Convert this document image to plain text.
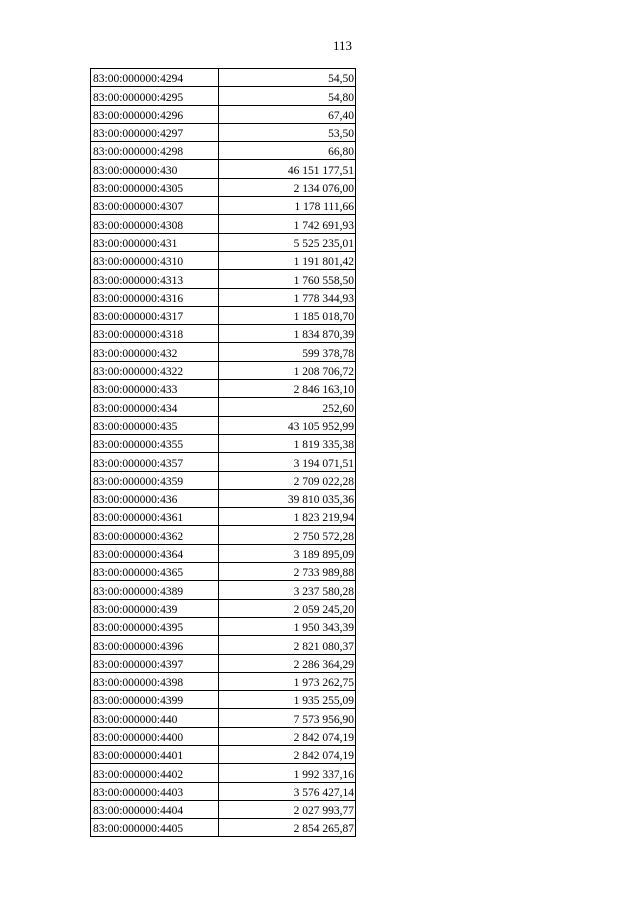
113
83:00:000000:4294	54,50
83:00:000000:4295	54,80
83:00:000000:4296	67,40
83:00:000000:4297	53,50
83:00:000000:4298	66,80
83:00:000000:430	46 151 177,51
83:00:000000:4305	2 134 076,00
83:00:000000:4307	1 178 111,66
83:00:000000:4308	1 742 691,93
83:00:000000:431	5 525 235,01
83:00:000000:4310	1 191 801,42
83:00:000000:4313	1 760 558,50
83:00:000000:4316	1 778 344,93
83:00:000000:4317	1 185 018,70
83:00:000000:4318	1 834 870,39
83:00:000000:432	599 378,78
83:00:000000:4322	1 208 706,72
83:00:000000:433	2 846 163,10
83:00:000000:434	252,60
83:00:000000:435	43 105 952,99
83:00:000000:4355	1 819 335,38
83:00:000000:4357	3 194 071,51
83:00:000000:4359	2 709 022,28
83:00:000000:436	39 810 035,36
83:00:000000:4361	1 823 219,94
83:00:000000:4362	2 750 572,28
83:00:000000:4364	3 189 895,09
83:00:000000:4365	2 733 989,88
83:00:000000:4389	3 237 580,28
83:00:000000:439	2 059 245,20
83:00:000000:4395	1 950 343,39
83:00:000000:4396	2 821 080,37
83:00:000000:4397	2 286 364,29
83:00:000000:4398	1 973 262,75
83:00:000000:4399	1 935 255,09
83:00:000000:440	7 573 956,90
83:00:000000:4400	2 842 074,19
83:00:000000:4401	2 842 074,19
83:00:000000:4402	1 992 337,16
83:00:000000:4403	3 576 427,14
83:00:000000:4404	2 027 993,77
83:00:000000:4405	2 854 265,87
